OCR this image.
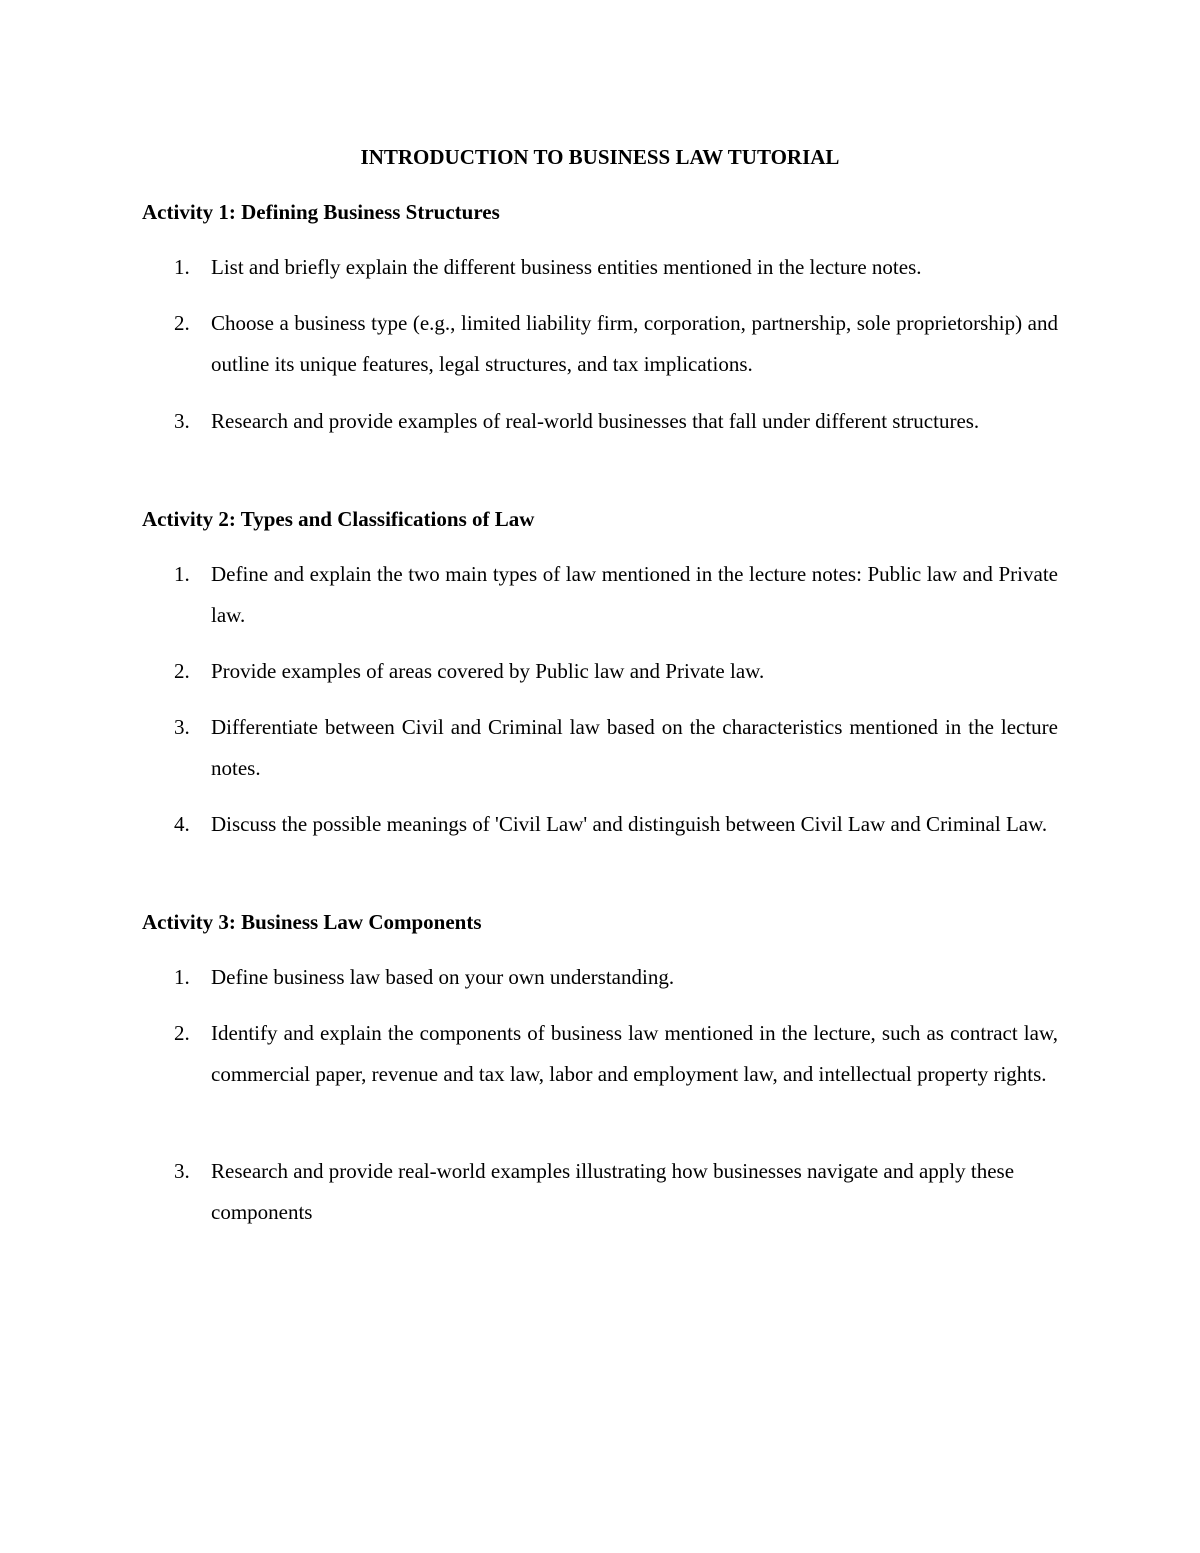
INTRODUCTION TO BUSINESS LAW TUTORIAL
Activity 1: Defining Business Structures
1. List and briefly explain the different business entities mentioned in the lecture notes.
2. Choose a business type (e.g., limited liability firm, corporation, partnership, sole proprietorship) and outline its unique features, legal structures, and tax implications.
3. Research and provide examples of real-world businesses that fall under different structures.
Activity 2: Types and Classifications of Law
1. Define and explain the two main types of law mentioned in the lecture notes: Public law and Private law.
2. Provide examples of areas covered by Public law and Private law.
3. Differentiate between Civil and Criminal law based on the characteristics mentioned in the lecture notes.
4. Discuss the possible meanings of 'Civil Law' and distinguish between Civil Law and Criminal Law.
Activity 3: Business Law Components
1. Define business law based on your own understanding.
2. Identify and explain the components of business law mentioned in the lecture, such as contract law, commercial paper, revenue and tax law, labor and employment law, and intellectual property rights.
3. Research and provide real-world examples illustrating how businesses navigate and apply these components
